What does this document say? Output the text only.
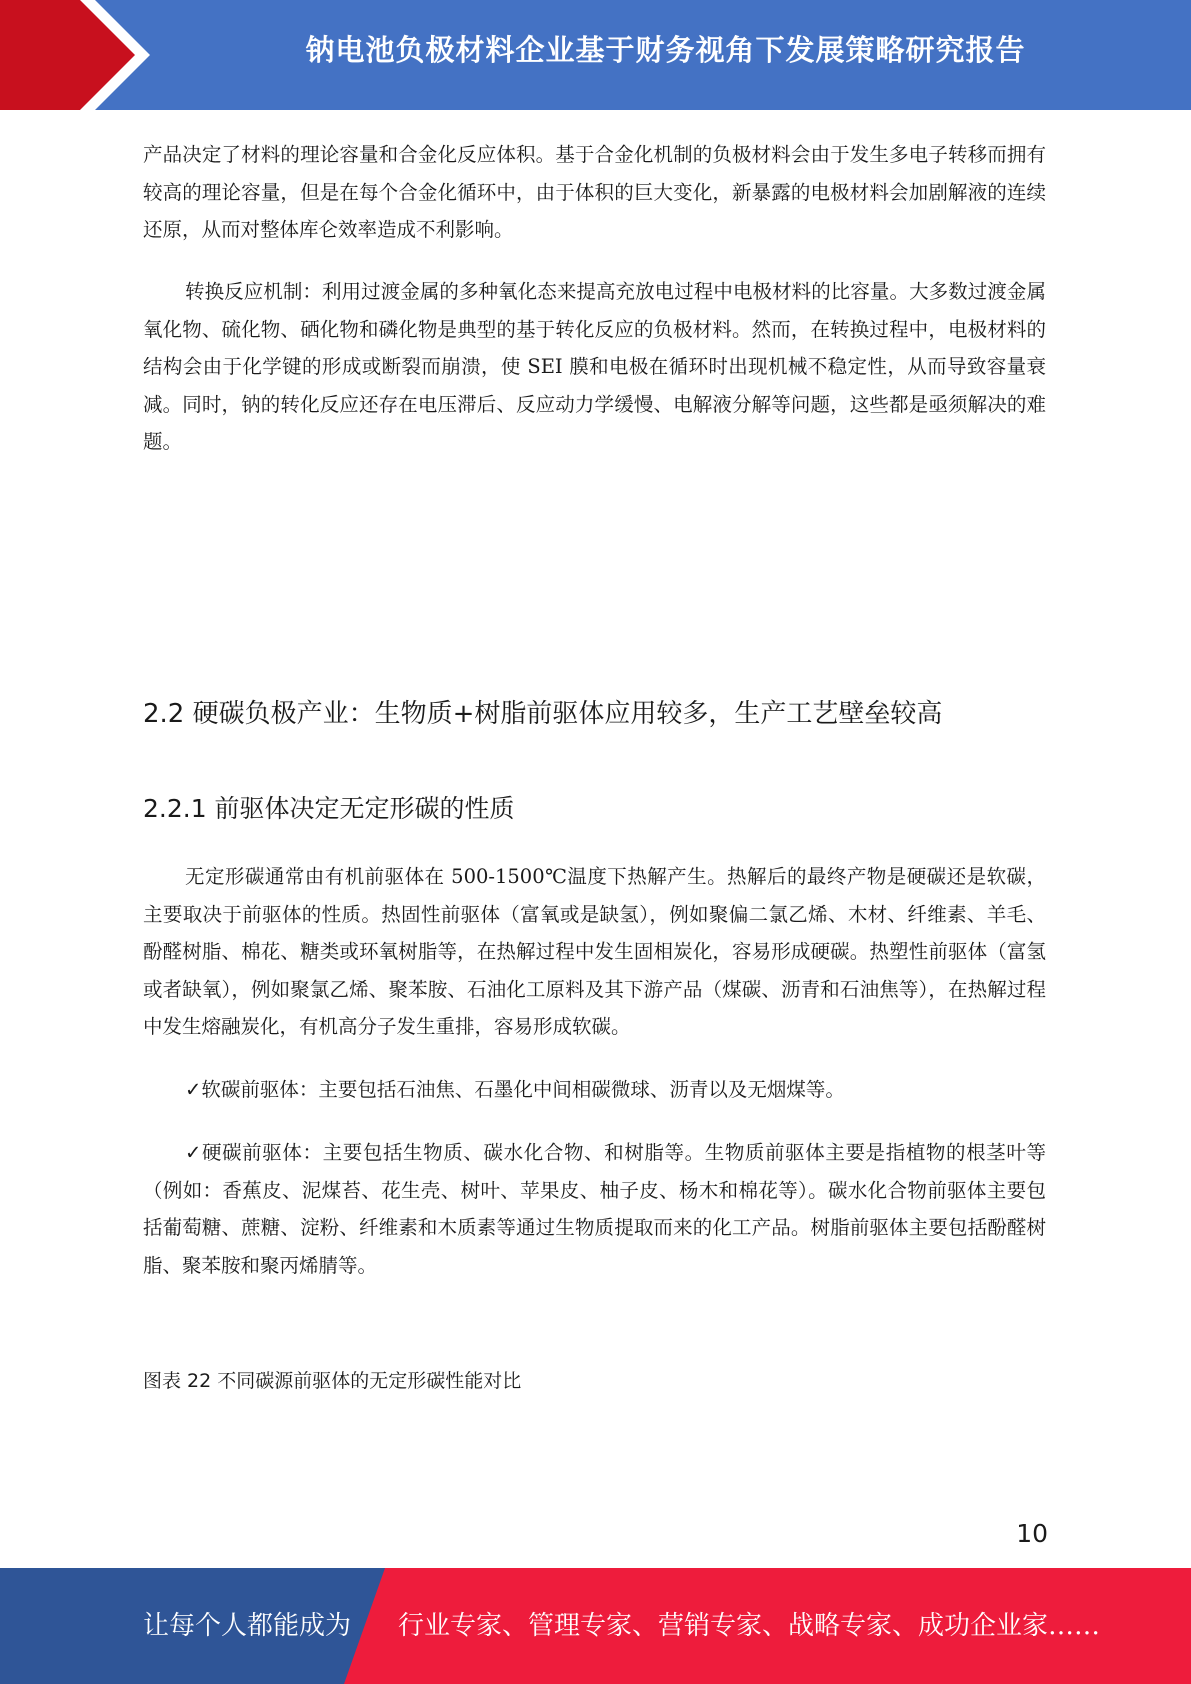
钠电池负极材料企业基于财务视角下发展策略研究报告

产品决定了材料的理论容量和合金化反应体积。基于合金化机制的负极材料会由于发生多电子转移而拥有较高的理论容量，但是在每个合金化循环中，由于体积的巨大变化，新暴露的电极材料会加剧解液的连续还原，从而对整体库仑效率造成不利影响。

转换反应机制：利用过渡金属的多种氧化态来提高充放电过程中电极材料的比容量。大多数过渡金属氧化物、硫化物、硒化物和磷化物是典型的基于转化反应的负极材料。然而，在转换过程中，电极材料的结构会由于化学键的形成或断裂而崩溃，使 SEI 膜和电极在循环时出现机械不稳定性，从而导致容量衰减。同时，钠的转化反应还存在电压滞后、反应动力学缓慢、电解液分解等问题，这些都是亟须解决的难题。

2.2 硬碳负极产业：生物质+树脂前驱体应用较多，生产工艺壁垒较高
2.2.1 前驱体决定无定形碳的性质

无定形碳通常由有机前驱体在 500-1500℃温度下热解产生。热解后的最终产物是硬碳还是软碳，主要取决于前驱体的性质。热固性前驱体（富氧或是缺氢），例如聚偏二氯乙烯、木材、纤维素、羊毛、酚醛树脂、棉花、糖类或环氧树脂等，在热解过程中发生固相炭化，容易形成硬碳。热塑性前驱体（富氢或者缺氧），例如聚氯乙烯、聚苯胺、石油化工原料及其下游产品（煤碳、沥青和石油焦等），在热解过程中发生熔融炭化，有机高分子发生重排，容易形成软碳。

✓软碳前驱体：主要包括石油焦、石墨化中间相碳微球、沥青以及无烟煤等。

✓硬碳前驱体：主要包括生物质、碳水化合物、和树脂等。生物质前驱体主要是指植物的根茎叶等（例如：香蕉皮、泥煤苔、花生壳、树叶、苹果皮、柚子皮、杨木和棉花等）。碳水化合物前驱体主要包括葡萄糖、蔗糖、淀粉、纤维素和木质素等通过生物质提取而来的化工产品。树脂前驱体主要包括酚醛树脂、聚苯胺和聚丙烯腈等。

图表 22 不同碳源前驱体的无定形碳性能对比

10
让每个人都能成为 行业专家、管理专家、营销专家、战略专家、成功企业家……
